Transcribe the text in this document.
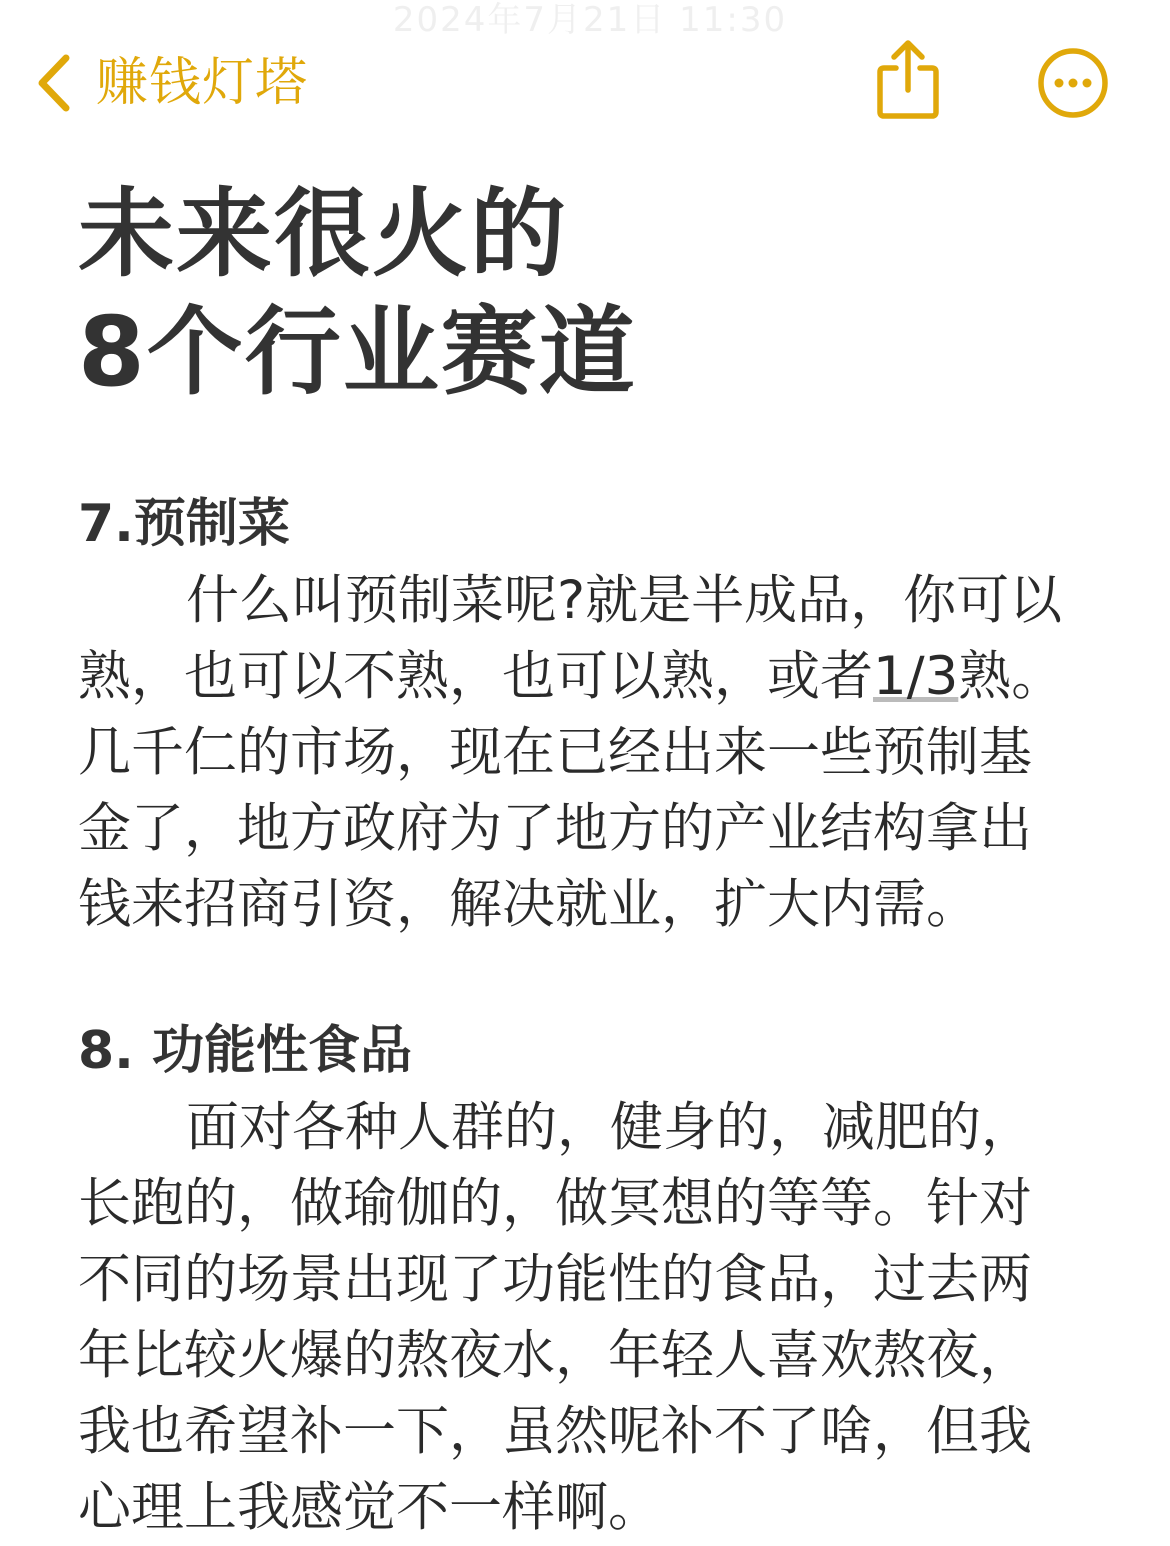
2024年7月21日 11:30
赚钱灯塔
未来很火的
8个行业赛道
7.预制菜
什么叫预制菜呢?就是半成品，你可以
熟，也可以不熟，也可以熟，或者1/3熟。
几千仁的市场，现在已经出来一些预制基
金了，地方政府为了地方的产业结构拿出
钱来招商引资，解决就业，扩大内需。
8. 功能性食品
面对各种人群的，健身的，减肥的，
长跑的，做瑜伽的，做冥想的等等。针对
不同的场景出现了功能性的食品，过去两
年比较火爆的熬夜水，年轻人喜欢熬夜，
我也希望补一下，虽然呢补不了啥，但我
心理上我感觉不一样啊。
